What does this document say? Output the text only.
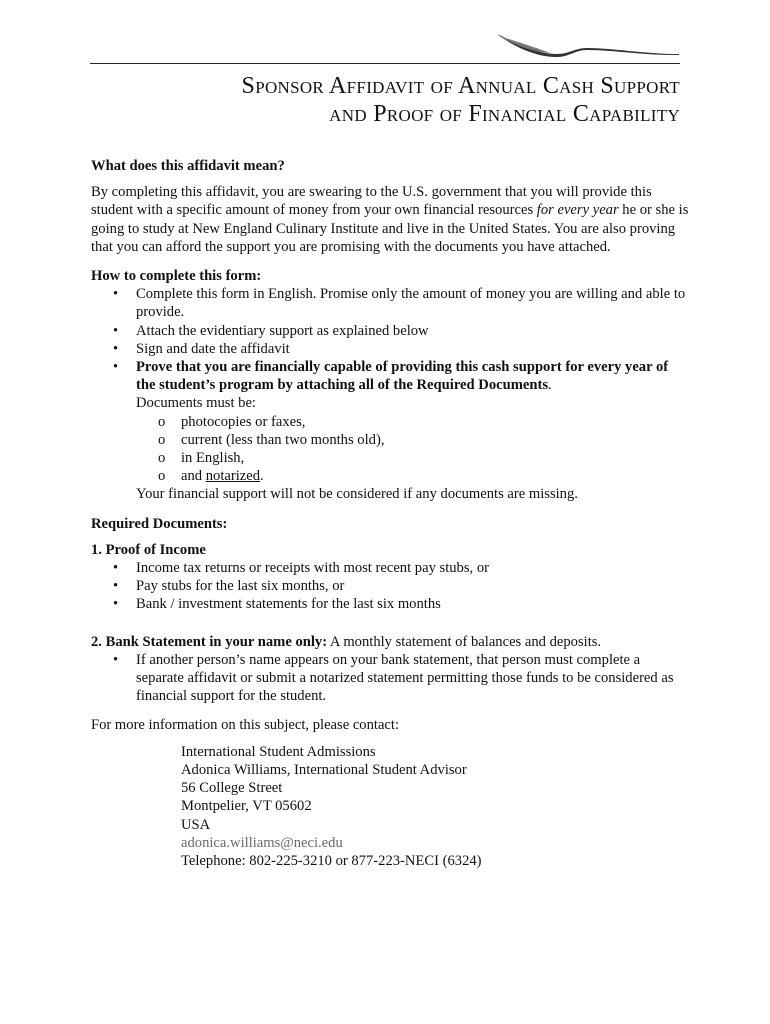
Sponsor Affidavit of Annual Cash Support
and Proof of Financial Capability

What does this affidavit mean?

By completing this affidavit, you are swearing to the U.S. government that you will provide this student with a specific amount of money from your own financial resources for every year he or she is going to study at New England Culinary Institute and live in the United States. You are also proving that you can afford the support you are promising with the documents you have attached.

How to complete this form:

• Complete this form in English. Promise only the amount of money you are willing and able to provide.
• Attach the evidentiary support as explained below
• Sign and date the affidavit
• Prove that you are financially capable of providing this cash support for every year of the student’s program by attaching all of the Required Documents.
Documents must be:
o photocopies or faxes,
o current (less than two months old),
o in English,
o and notarized.
Your financial support will not be considered if any documents are missing.

Required Documents:

1. Proof of Income

• Income tax returns or receipts with most recent pay stubs, or
• Pay stubs for the last six months, or
• Bank / investment statements for the last six months

2. Bank Statement in your name only: A monthly statement of balances and deposits.

• If another person’s name appears on your bank statement, that person must complete a separate affidavit or submit a notarized statement permitting those funds to be considered as financial support for the student.

For more information on this subject, please contact:

International Student Admissions
Adonica Williams, International Student Advisor
56 College Street
Montpelier, VT 05602
USA
adonica.williams@neci.edu
Telephone: 802-225-3210 or 877-223-NECI (6324)
